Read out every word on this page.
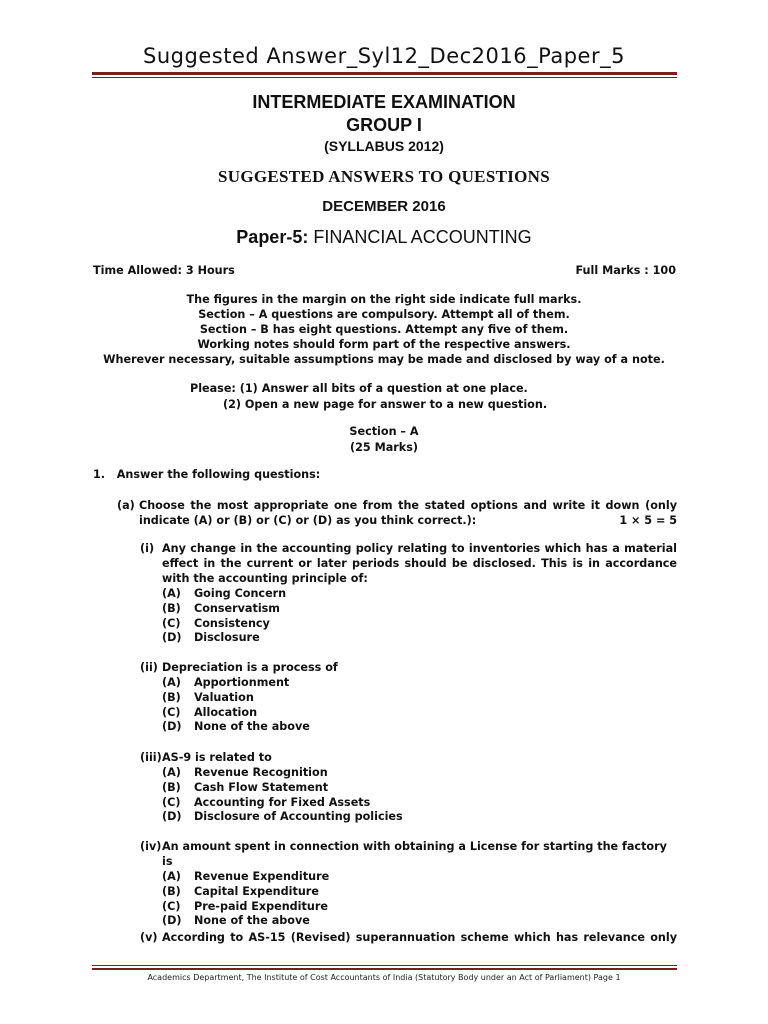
Suggested Answer_Syl12_Dec2016_Paper_5
INTERMEDIATE EXAMINATION
GROUP I
(SYLLABUS 2012)
SUGGESTED ANSWERS TO QUESTIONS
DECEMBER 2016
Paper-5: FINANCIAL ACCOUNTING
Time Allowed: 3 Hours	Full Marks : 100
The figures in the margin on the right side indicate full marks.
Section – A questions are compulsory. Attempt all of them.
Section – B has eight questions. Attempt any five of them.
Working notes should form part of the respective answers.
Wherever necessary, suitable assumptions may be made and disclosed by way of a note.
Please: (1) Answer all bits of a question at one place.
(2) Open a new page for answer to a new question.
Section – A
(25 Marks)
1.   Answer the following questions:
(a) Choose the most appropriate one from the stated options and write it down (only
indicate (A) or (B) or (C) or (D) as you think correct.):	1 × 5 = 5
(i) Any change in the accounting policy relating to inventories which has a material
effect in the current or later periods should be disclosed. This is in accordance
with the accounting principle of:
(A)	Going Concern
(B)	Conservatism
(C)	Consistency
(D)	Disclosure
(ii) Depreciation is a process of
(A)	Apportionment
(B)	Valuation
(C)	Allocation
(D)	None of the above
(iii) AS-9 is related to
(A)	Revenue Recognition
(B)	Cash Flow Statement
(C)	Accounting for Fixed Assets
(D)	Disclosure of Accounting policies
(iv) An amount spent in connection with obtaining a License for starting the factory is
(A)	Revenue Expenditure
(B)	Capital Expenditure
(C)	Pre-paid Expenditure
(D)	None of the above
(v) According to AS-15 (Revised) superannuation scheme which has relevance only
Academics Department, The Institute of Cost Accountants of India (Statutory Body under an Act of Parliament) Page 1
